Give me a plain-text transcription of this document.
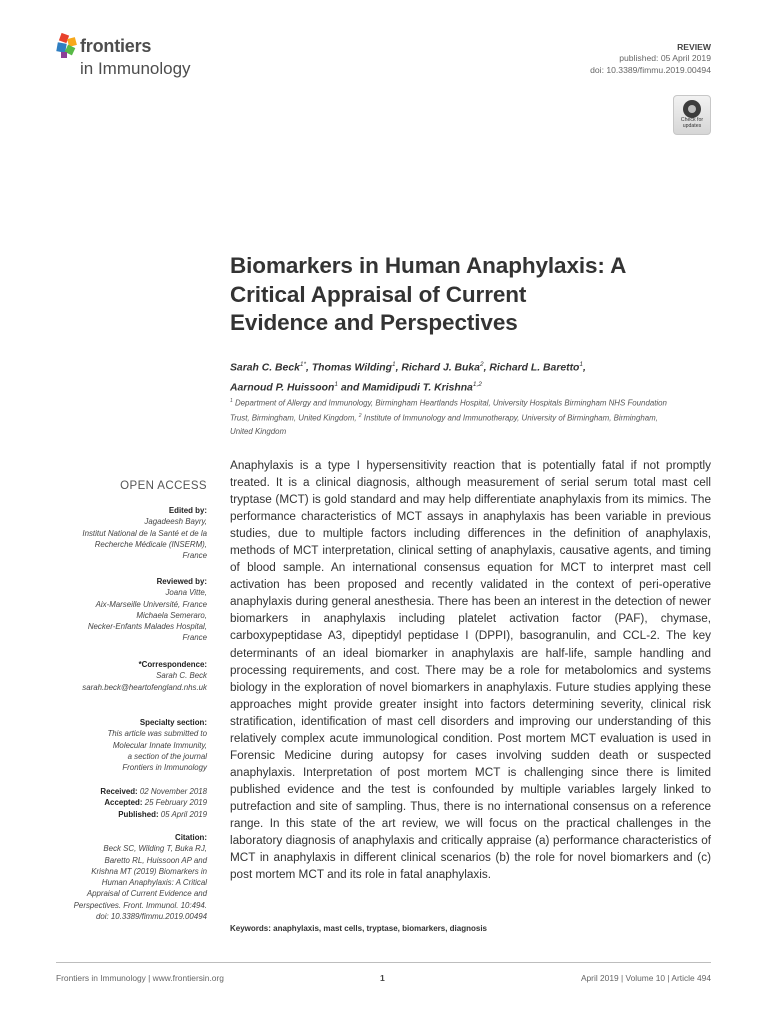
frontiers
in Immunology
REVIEW
published: 05 April 2019
doi: 10.3389/fimmu.2019.00494
Check for
updates
Biomarkers in Human Anaphylaxis: A
Critical Appraisal of Current
Evidence and Perspectives
Sarah C. Beck$^{1*}$, Thomas Wilding$^1$, Richard J. Buka$^2$, Richard L. Baretto$^1$,
Aarnoud P. Huissoon$^1$ and Mamidipudi T. Krishna$^{1,2}$
$^1$ Department of Allergy and Immunology, Birmingham Heartlands Hospital, University Hospitals Birmingham NHS Foundation
Trust, Birmingham, United Kingdom, $^2$ Institute of Immunology and Immunotherapy, University of Birmingham, Birmingham,
United Kingdom
OPEN ACCESS
Edited by:
Jagadeesh Bayry,
Institut National de la Santé et de la
Recherche Médicale (INSERM),
France
Reviewed by:
Joana Vitte,
Aix-Marseille Université, France
Michaela Semeraro,
Necker-Enfants Malades Hospital,
France
*Correspondence:
Sarah C. Beck
sarah.beck@heartofengland.nhs.uk
Specialty section:
This article was submitted to
Molecular Innate Immunity,
a section of the journal
Frontiers in Immunology
Received: 02 November 2018
Accepted: 25 February 2019
Published: 05 April 2019
Citation:
Beck SC, Wilding T, Buka RJ,
Baretto RL, Huissoon AP and
Krishna MT (2019) Biomarkers in
Human Anaphylaxis: A Critical
Appraisal of Current Evidence and
Perspectives. Front. Immunol. 10:494.
doi: 10.3389/fimmu.2019.00494

Anaphylaxis is a type I hypersensitivity reaction that is potentially fatal if not promptly treated. It is a clinical diagnosis, although measurement of serial serum total mast cell tryptase (MCT) is gold standard and may help differentiate anaphylaxis from its mimics. The performance characteristics of MCT assays in anaphylaxis has been variable in previous studies, due to multiple factors including differences in the definition of anaphylaxis, methods of MCT interpretation, clinical setting of anaphylaxis, causative agents, and timing of blood sample. An international consensus equation for MCT to interpret mast cell activation has been proposed and recently validated in the context of peri-operative anaphylaxis during general anesthesia. There has been an interest in the detection of newer biomarkers in anaphylaxis including platelet activation factor (PAF), chymase, carboxypeptidase A3, dipeptidyl peptidase I (DPPI), basogranulin, and CCL-2. The key determinants of an ideal biomarker in anaphylaxis are half-life, sample handling and processing requirements, and cost. There may be a role for metabolomics and systems biology in the exploration of novel biomarkers in anaphylaxis. Future studies applying these approaches might provide greater insight into factors determining severity, clinical risk stratification, identification of mast cell disorders and improving our understanding of this relatively complex acute immunological condition. Post mortem MCT evaluation is used in Forensic Medicine during autopsy for cases involving sudden death or suspected anaphylaxis. Interpretation of post mortem MCT is challenging since there is limited published evidence and the test is confounded by multiple variables largely linked to putrefaction and site of sampling. Thus, there is no international consensus on a reference range. In this state of the art review, we will focus on the practical challenges in the laboratory diagnosis of anaphylaxis and critically appraise (a) performance characteristics of MCT in anaphylaxis in different clinical scenarios (b) the role for novel biomarkers and (c) post mortem MCT and its role in fatal anaphylaxis.

Keywords: anaphylaxis, mast cells, tryptase, biomarkers, diagnosis
Frontiers in Immunology | www.frontiersin.org	1	April 2019 | Volume 10 | Article 494
